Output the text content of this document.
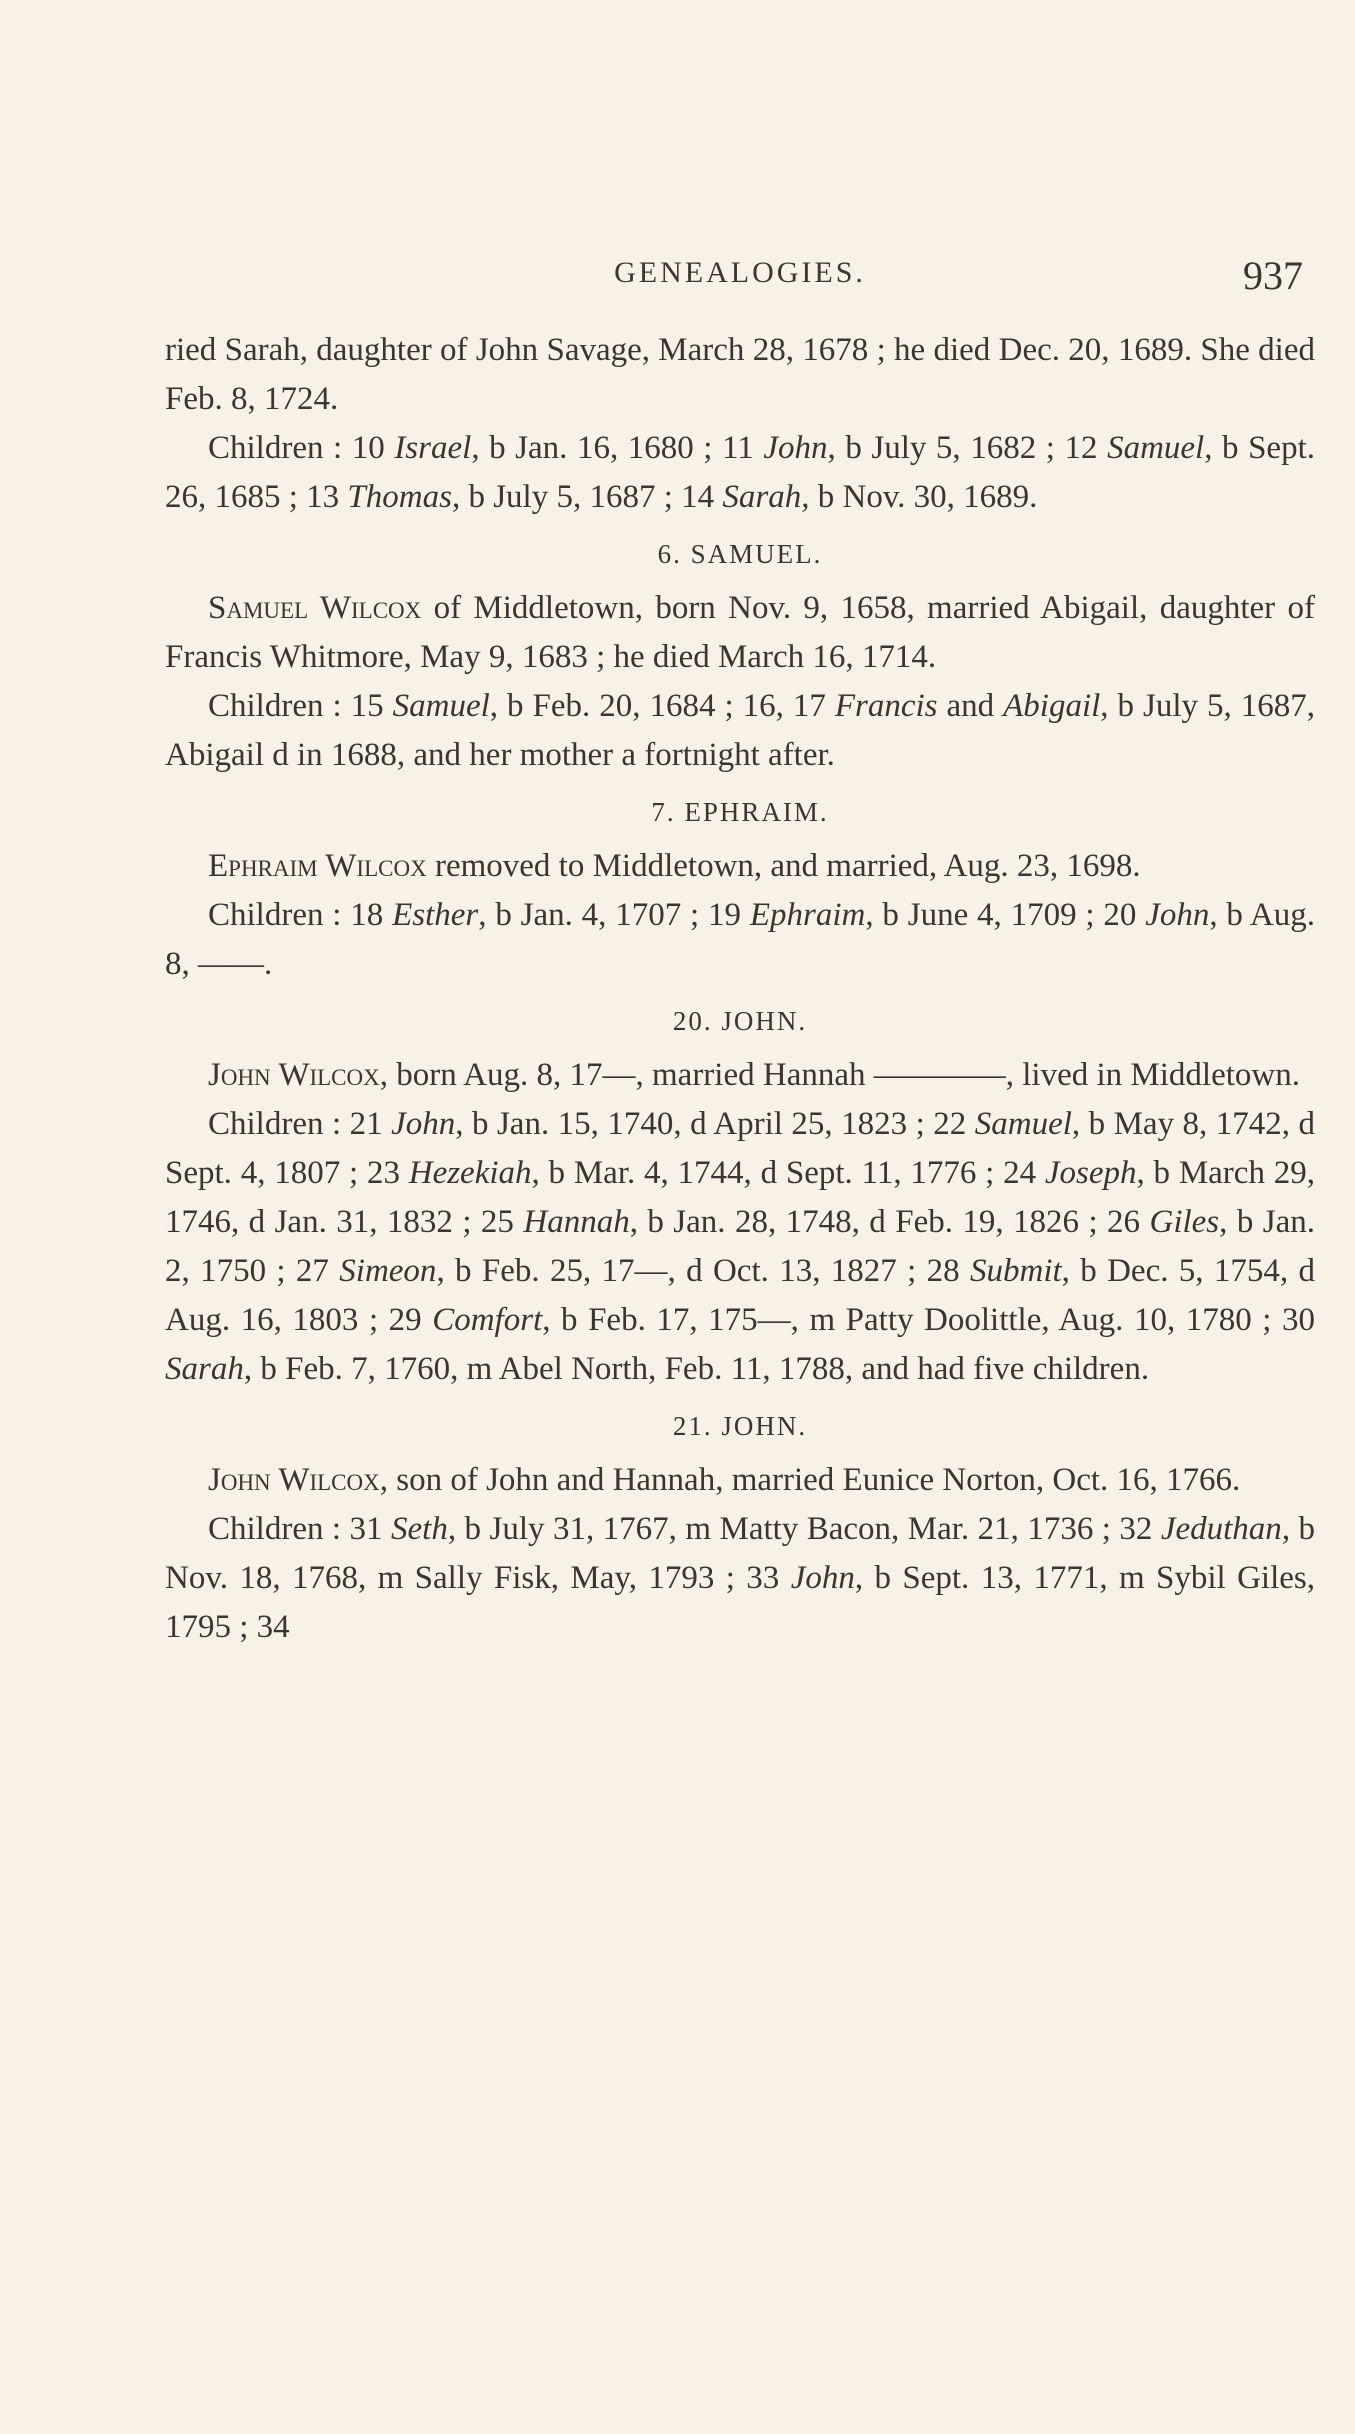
GENEALOGIES.	937

ried Sarah, daughter of John Savage, March 28, 1678 ; he died Dec. 20, 1689. She died Feb. 8, 1724.

Children : 10 Israel, b Jan. 16, 1680 ; 11 John, b July 5, 1682 ; 12 Samuel, b Sept. 26, 1685 ; 13 Thomas, b July 5, 1687 ; 14 Sarah, b Nov. 30, 1689.

6. SAMUEL.

Samuel Wilcox of Middletown, born Nov. 9, 1658, married Abigail, daughter of Francis Whitmore, May 9, 1683 ; he died March 16, 1714.

Children : 15 Samuel, b Feb. 20, 1684 ; 16, 17 Francis and Abigail, b July 5, 1687, Abigail d in 1688, and her mother a fortnight after.

7. EPHRAIM.

Ephraim Wilcox removed to Middletown, and married, Aug. 23, 1698.

Children : 18 Esther, b Jan. 4, 1707 ; 19 Ephraim, b June 4, 1709 ; 20 John, b Aug. 8, ——.

20. JOHN.

John Wilcox, born Aug. 8, 17—, married Hannah ————, lived in Middletown.

Children : 21 John, b Jan. 15, 1740, d April 25, 1823 ; 22 Samuel, b May 8, 1742, d Sept. 4, 1807 ; 23 Hezekiah, b Mar. 4, 1744, d Sept. 11, 1776 ; 24 Joseph, b March 29, 1746, d Jan. 31, 1832 ; 25 Hannah, b Jan. 28, 1748, d Feb. 19, 1826 ; 26 Giles, b Jan. 2, 1750 ; 27 Simeon, b Feb. 25, 17—, d Oct. 13, 1827 ; 28 Submit, b Dec. 5, 1754, d Aug. 16, 1803 ; 29 Comfort, b Feb. 17, 175—, m Patty Doolittle, Aug. 10, 1780 ; 30 Sarah, b Feb. 7, 1760, m Abel North, Feb. 11, 1788, and had five children.

21. JOHN.

John Wilcox, son of John and Hannah, married Eunice Norton, Oct. 16, 1766.

Children : 31 Seth, b July 31, 1767, m Matty Bacon, Mar. 21, 1736 ; 32 Jeduthan, b Nov. 18, 1768, m Sally Fisk, May, 1793 ; 33 John, b Sept. 13, 1771, m Sybil Giles, 1795 ; 34
